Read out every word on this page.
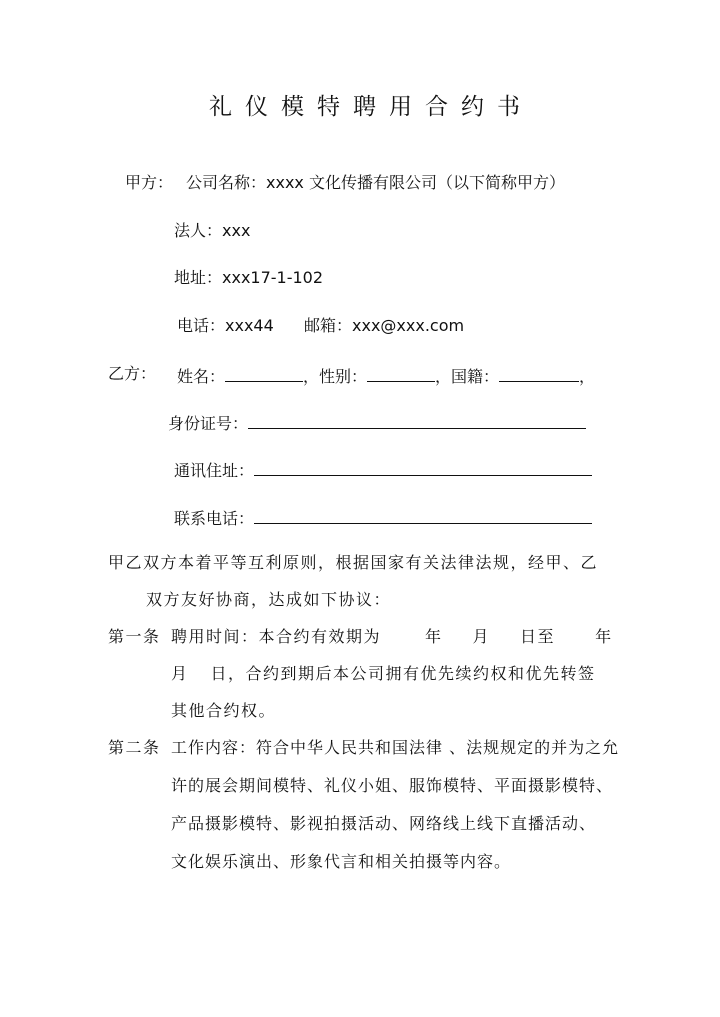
礼仪模特聘用合约书
甲方： 公司名称：xxxx 文化传播有限公司（以下简称甲方）
法人：xxx
地址：xxx17-1-102
电话：xxx44 邮箱：xxx@xxx.com
乙方： 姓名：	，性别：	，国籍：	，
身份证号：
通讯住址：
联系电话：
甲乙双方本着平等互利原则，根据国家有关法律法规，经甲、乙
双方友好协商，达成如下协议：
第一条 聘用时间：本合约有效期为	年 月 日至	年
月 日，合约到期后本公司拥有优先续约权和优先转签
其他合约权。
第二条 工作内容：符合中华人民共和国法律 、法规规定的并为之允
许的展会期间模特、礼仪小姐、服饰模特、平面摄影模特、
产品摄影模特、影视拍摄活动、网络线上线下直播活动、
文化娱乐演出、形象代言和相关拍摄等内容。
